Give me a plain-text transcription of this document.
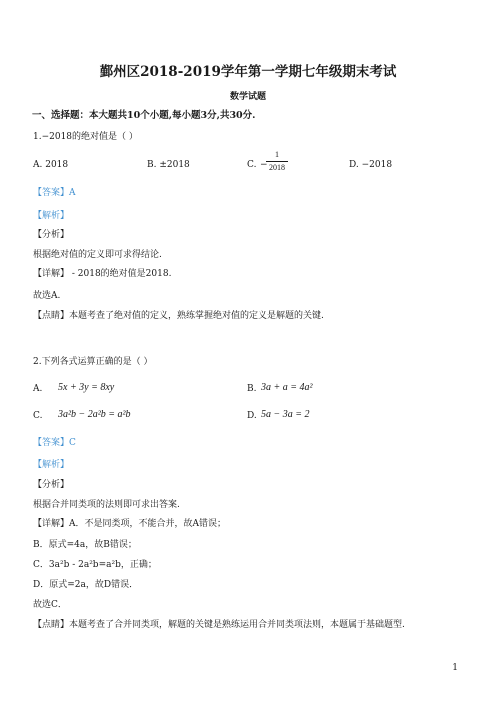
鄞州区2018-2019学年第一学期七年级期末考试
数学试题
一、选择题：本大题共10个小题,每小题3分,共30分.
1.−2018的绝对值是（ ）
A. 2018	B. ±2018	C. −
1
2018	D. −2018
【答案】A
【解析】
【分析】
根据绝对值的定义即可求得结论.
【详解】 - 2018的绝对值是2018.
故选A.
【点睛】本题考查了绝对值的定义，熟练掌握绝对值的定义是解题的关键.
2.下列各式运算正确的是（ ）
A. 5x + 3y = 8xy	B. 3a + a = 4a²
C. 3a²b − 2a²b = a²b	D. 5a − 3a = 2
【答案】C
【解析】
【分析】
根据合并同类项的法则即可求出答案.
【详解】A．不是同类项，不能合并，故A错误；
B．原式=4a，故B错误；
C．3a²b - 2a²b=a²b，正确；
D．原式=2a，故D错误．
故选C．
【点睛】本题考查了合并同类项，解题的关键是熟练运用合并同类项法则，本题属于基础题型.
1
